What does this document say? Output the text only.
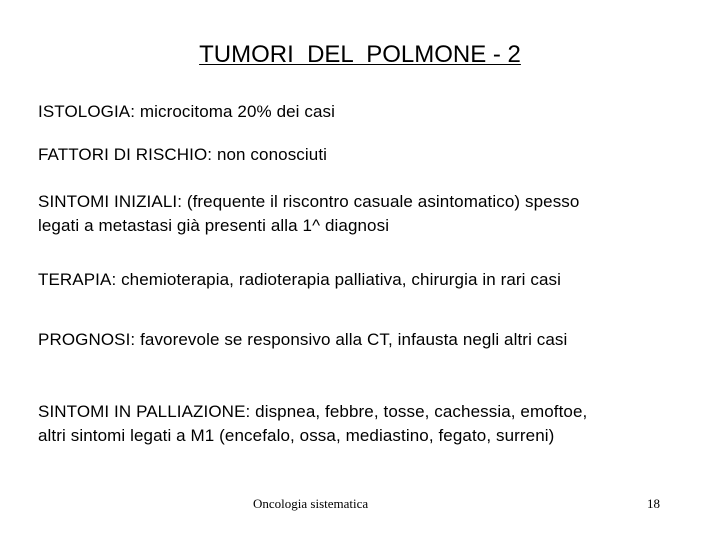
TUMORI  DEL  POLMONE - 2
ISTOLOGIA: microcitoma 20% dei casi
FATTORI DI RISCHIO: non conosciuti
SINTOMI INIZIALI: (frequente il riscontro casuale asintomatico) spesso
legati a metastasi già presenti alla 1^ diagnosi
TERAPIA: chemioterapia, radioterapia palliativa, chirurgia in rari casi
PROGNOSI: favorevole se responsivo alla CT, infausta negli altri casi
SINTOMI IN PALLIAZIONE: dispnea, febbre, tosse, cachessia, emoftoe,
altri sintomi legati a M1 (encefalo, ossa, mediastino, fegato, surreni)
Oncologia sistematica	18
